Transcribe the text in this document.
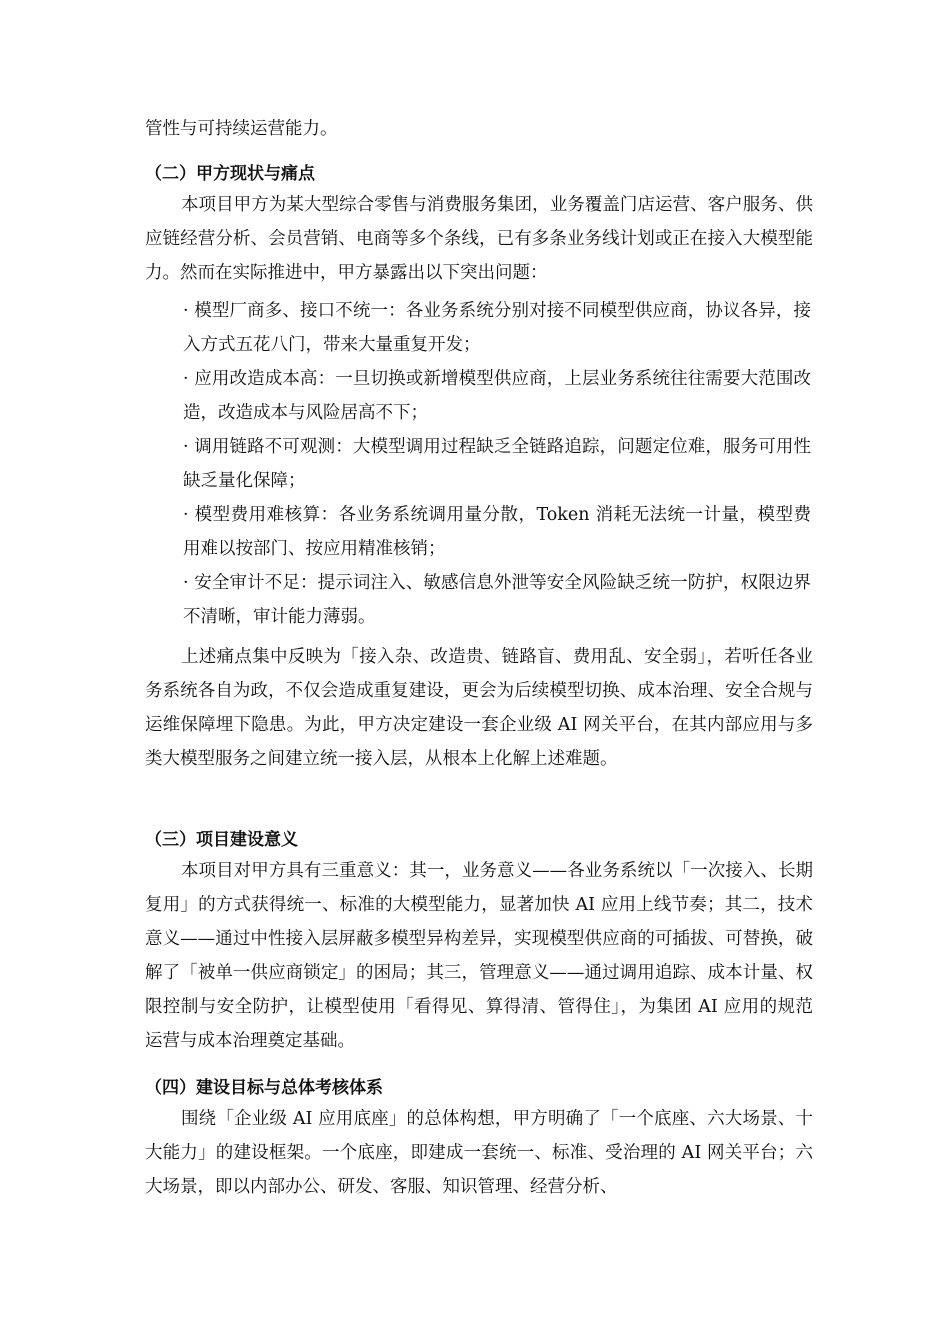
管性与可持续运营能力。

（二）甲方现状与痛点

本项目甲方为某大型综合零售与消费服务集团，业务覆盖门店运营、客户服务、供应链经营分析、会员营销、电商等多个条线，已有多条业务线计划或正在接入大模型能力。然而在实际推进中，甲方暴露出以下突出问题：

· 模型厂商多、接口不统一：各业务系统分别对接不同模型供应商，协议各异，接入方式五花八门，带来大量重复开发；
· 应用改造成本高：一旦切换或新增模型供应商，上层业务系统往往需要大范围改造，改造成本与风险居高不下；
· 调用链路不可观测：大模型调用过程缺乏全链路追踪，问题定位难，服务可用性缺乏量化保障；
· 模型费用难核算：各业务系统调用量分散，Token 消耗无法统一计量，模型费用难以按部门、按应用精准核销；
· 安全审计不足：提示词注入、敏感信息外泄等安全风险缺乏统一防护，权限边界不清晰，审计能力薄弱。

上述痛点集中反映为「接入杂、改造贵、链路盲、费用乱、安全弱」，若听任各业务系统各自为政，不仅会造成重复建设，更会为后续模型切换、成本治理、安全合规与运维保障埋下隐患。为此，甲方决定建设一套企业级 AI 网关平台，在其内部应用与多类大模型服务之间建立统一接入层，从根本上化解上述难题。

（三）项目建设意义

本项目对甲方具有三重意义：其一，业务意义——各业务系统以「一次接入、长期复用」的方式获得统一、标准的大模型能力，显著加快 AI 应用上线节奏；其二，技术意义——通过中性接入层屏蔽多模型异构差异，实现模型供应商的可插拔、可替换，破解了「被单一供应商锁定」的困局；其三，管理意义——通过调用追踪、成本计量、权限控制与安全防护，让模型使用「看得见、算得清、管得住」，为集团 AI 应用的规范运营与成本治理奠定基础。

（四）建设目标与总体考核体系

围绕「企业级 AI 应用底座」的总体构想，甲方明确了「一个底座、六大场景、十大能力」的建设框架。一个底座，即建成一套统一、标准、受治理的 AI 网关平台；六大场景，即以内部办公、研发、客服、知识管理、经营分析、
